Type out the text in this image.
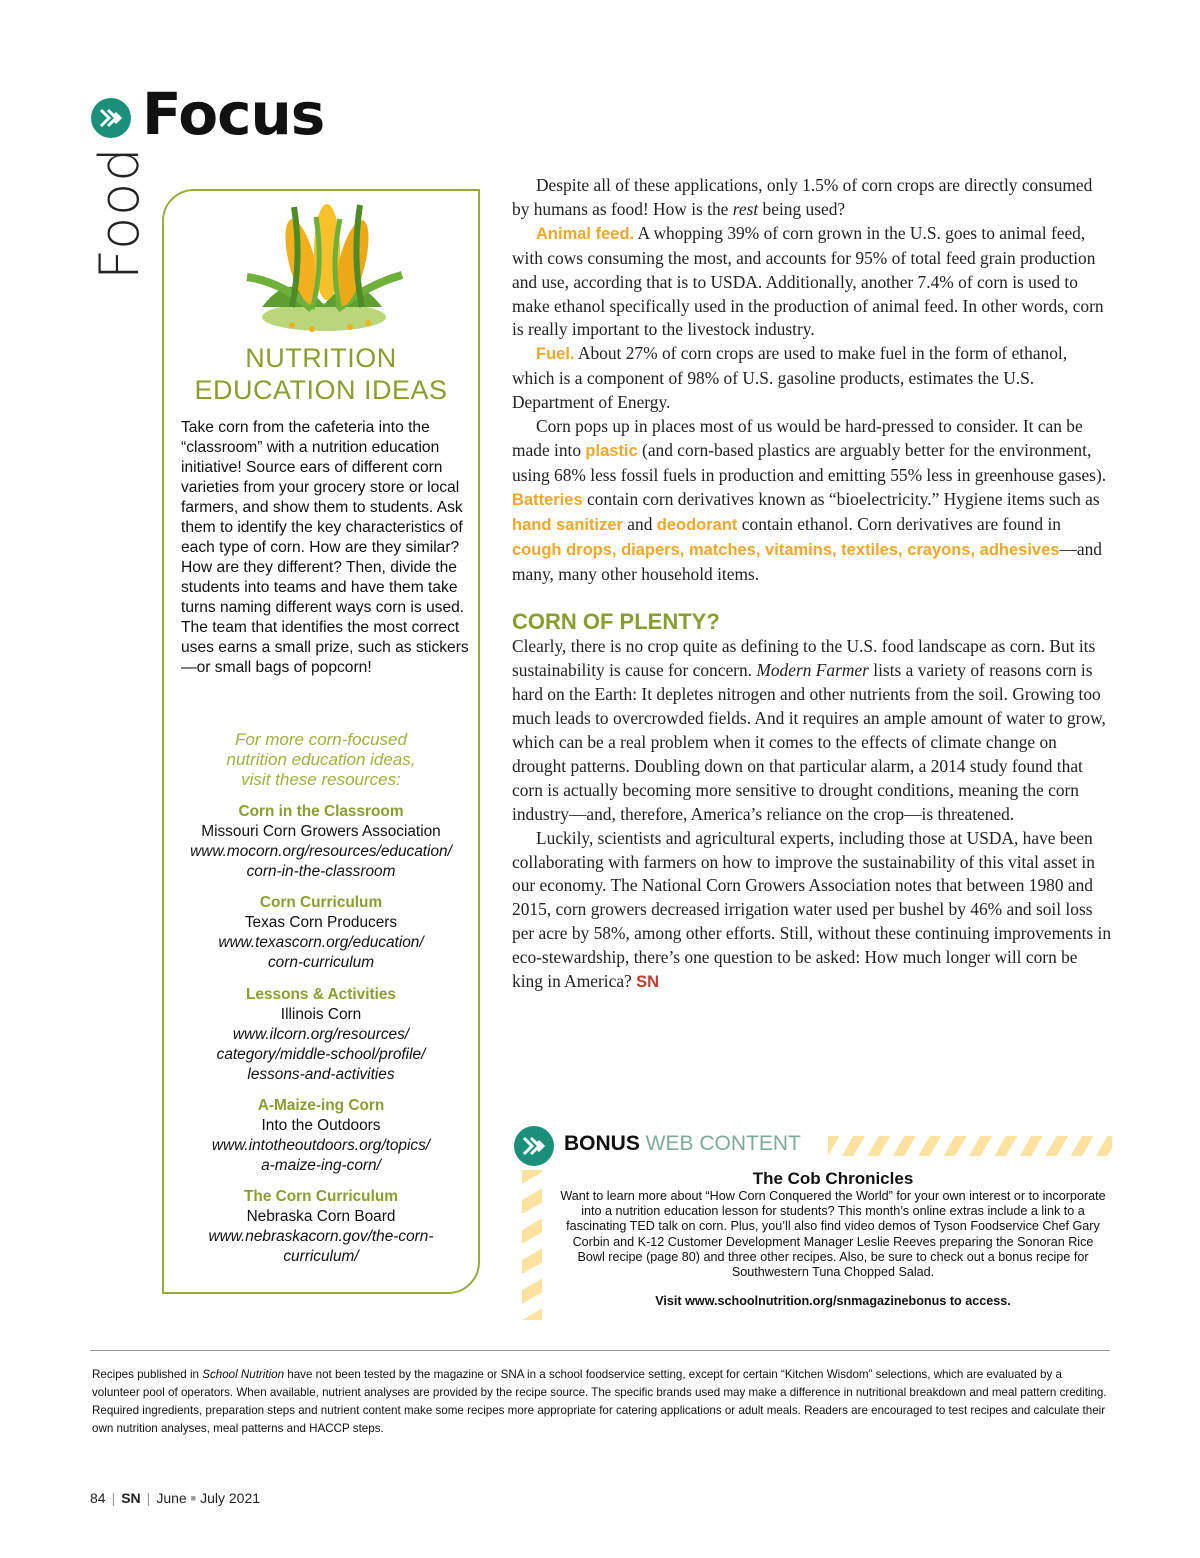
Food
Focus
NUTRITION
EDUCATION IDEAS
Take corn from the cafeteria into the “classroom” with a nutrition education initiative! Source ears of different corn varieties from your grocery store or local farmers, and show them to students. Ask them to identify the key characteristics of each type of corn. How are they similar? How are they different? Then, divide the students into teams and have them take turns naming different ways corn is used. The team that identifies the most correct uses earns a small prize, such as stickers—or small bags of popcorn!
For more corn-focused
nutrition education ideas,
visit these resources:
Corn in the Classroom
Missouri Corn Growers Association
www.mocorn.org/resources/education/
corn-in-the-classroom
Corn Curriculum
Texas Corn Producers
www.texascorn.org/education/
corn-curriculum
Lessons & Activities
Illinois Corn
www.ilcorn.org/resources/
category/middle-school/profile/
lessons-and-activities
A-Maize-ing Corn
Into the Outdoors
www.intotheoutdoors.org/topics/
a-maize-ing-corn/
The Corn Curriculum
Nebraska Corn Board
www.nebraskacorn.gov/the-corn-
curriculum/

Despite all of these applications, only 1.5% of corn crops are directly consumed by humans as food! How is the rest being used?

Animal feed. A whopping 39% of corn grown in the U.S. goes to animal feed, with cows consuming the most, and accounts for 95% of total feed grain production and use, according that is to USDA. Additionally, another 7.4% of corn is used to make ethanol specifically used in the production of animal feed. In other words, corn is really important to the livestock industry.

Fuel. About 27% of corn crops are used to make fuel in the form of ethanol, which is a component of 98% of U.S. gasoline products, estimates the U.S. Department of Energy.

Corn pops up in places most of us would be hard-pressed to consider. It can be made into plastic (and corn-based plastics are arguably better for the environment, using 68% less fossil fuels in production and emitting 55% less in greenhouse gases). Batteries contain corn derivatives known as “bioelectricity.” Hygiene items such as hand sanitizer and deodorant contain ethanol. Corn derivatives are found in cough drops, diapers, matches, vitamins, textiles, crayons, adhesives—and many, many other household items.

CORN OF PLENTY?

Clearly, there is no crop quite as defining to the U.S. food landscape as corn. But its sustainability is cause for concern. Modern Farmer lists a variety of reasons corn is hard on the Earth: It depletes nitrogen and other nutrients from the soil. Growing too much leads to overcrowded fields. And it requires an ample amount of water to grow, which can be a real problem when it comes to the effects of climate change on drought patterns. Doubling down on that particular alarm, a 2014 study found that corn is actually becoming more sensitive to drought conditions, meaning the corn industry—and, therefore, America’s reliance on the crop—is threatened.

Luckily, scientists and agricultural experts, including those at USDA, have been collaborating with farmers on how to improve the sustainability of this vital asset in our economy. The National Corn Growers Association notes that between 1980 and 2015, corn growers decreased irrigation water used per bushel by 46% and soil loss per acre by 58%, among other efforts. Still, without these continuing improvements in eco-stewardship, there’s one question to be asked: How much longer will corn be king in America? SN

BONUS WEB CONTENT
The Cob Chronicles
Want to learn more about “How Corn Conquered the World” for your own interest or to incorporate into a nutrition education lesson for students? This month’s online extras include a link to a fascinating TED talk on corn. Plus, you’ll also find video demos of Tyson Foodservice Chef Gary Corbin and K-12 Customer Development Manager Leslie Reeves preparing the Sonoran Rice Bowl recipe (page 80) and three other recipes. Also, be sure to check out a bonus recipe for Southwestern Tuna Chopped Salad.
Visit www.schoolnutrition.org/snmagazinebonus to access.
Recipes published in School Nutrition have not been tested by the magazine or SNA in a school foodservice setting, except for certain “Kitchen Wisdom” selections, which are evaluated by a volunteer pool of operators. When available, nutrient analyses are provided by the recipe source. The specific brands used may make a difference in nutritional breakdown and meal pattern crediting. Required ingredients, preparation steps and nutrient content make some recipes more appropriate for catering applications or adult meals. Readers are encouraged to test recipes and calculate their own nutrition analyses, meal patterns and HACCP steps.
84 | SN | June ■ July 2021
